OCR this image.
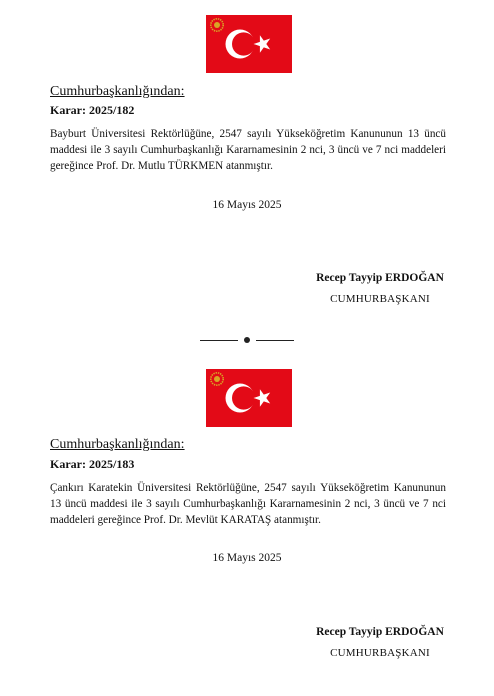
Cumhurbaşkanlığından:
Karar: 2025/182
Bayburt Üniversitesi Rektörlüğüne, 2547 sayılı Yükseköğretim Kanununun 13 üncü maddesi ile 3 sayılı Cumhurbaşkanlığı Kararnamesinin 2 nci, 3 üncü ve 7 nci maddeleri gereğince Prof. Dr. Mutlu TÜRKMEN atanmıştır.
16 Mayıs 2025
Recep Tayyip ERDOĞAN
CUMHURBAŞKANI
Cumhurbaşkanlığından:
Karar: 2025/183
Çankırı Karatekin Üniversitesi Rektörlüğüne, 2547 sayılı Yükseköğretim Kanununun 13 üncü maddesi ile 3 sayılı Cumhurbaşkanlığı Kararnamesinin 2 nci, 3 üncü ve 7 nci maddeleri gereğince Prof. Dr. Mevlüt KARATAŞ atanmıştır.
16 Mayıs 2025
Recep Tayyip ERDOĞAN
CUMHURBAŞKANI
